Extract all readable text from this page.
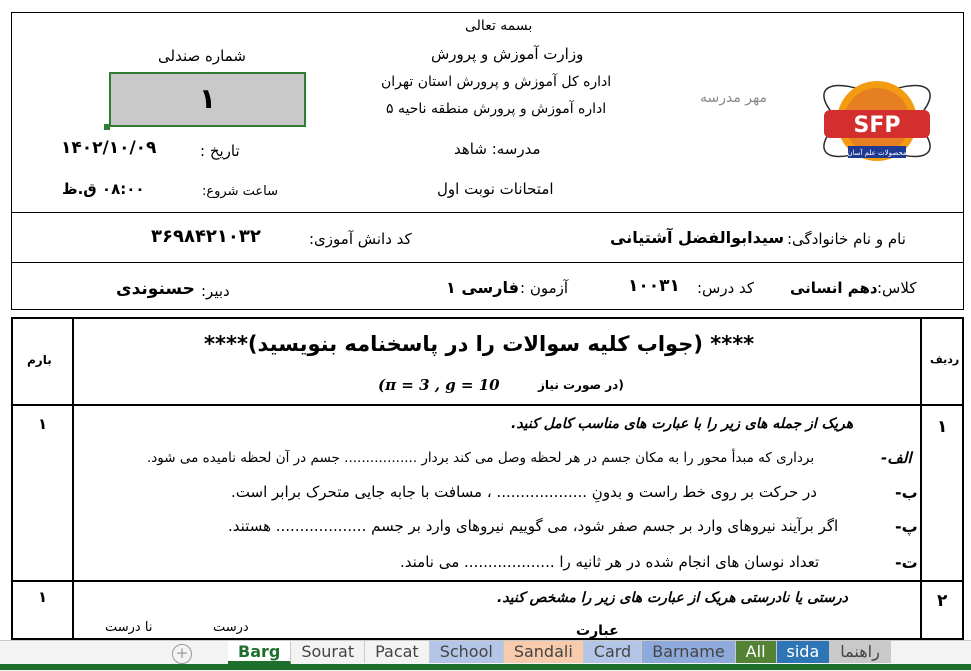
بسمه تعالی
وزارت آموزش و پرورش
اداره کل آموزش و پرورش استان تهران
اداره آموزش و پرورش منطقه ناحیه ۵
مدرسه: شاهد
امتحانات نوبت اول
مهر مدرسه
SFP
محصولات علم آسان
شماره صندلی
۱
تاریخ :
۱۴۰۲/۱۰/۰۹
ساعت شروع:
۰۸:۰۰ ق.ظ
نام و نام خانوادگی:
سیدابوالفضل آشتیانی
کد دانش آموزی:
۳۶۹۸۴۲۱۰۳۲
کلاس:
دهم انسانی
کد درس:
۱۰۰۳۱
آزمون :
فارسی ۱
دبیر:
حسنوندی
ردیف
بارم
**** (جواب کلیه سوالات را در پاسخنامه بنویسید)****
(π = 3 , g = 10	(در صورت نیاز
۱
۱	هریک از جمله های زیر را با عبارت های مناسب کامل کنید.
الف-
برداری که مبدأ محور را به مکان جسم در هر لحظه وصل می کند بردار ................. جسم در آن لحظه نامیده می شود.
ب-
در حرکت بر روی خط راست و بدونِ ................... ، مسافت با جابه جایی متحرک برابر است.
پ-
اگر برآیند نیروهای وارد بر جسم صفر شود، می گوییم نیروهای وارد بر جسم ................... هستند.
ت-
تعداد نوسان های انجام شده در هر ثانیه را ................... می نامند.
۲
۱	درستی یا نادرستی هریک از عبارت های زیر را مشخص کنید.
درست
نا درست	عبارت
+	Barg	Sourat	Pacat	School	Sandali	Card	Barname	All	sida	راهنما
